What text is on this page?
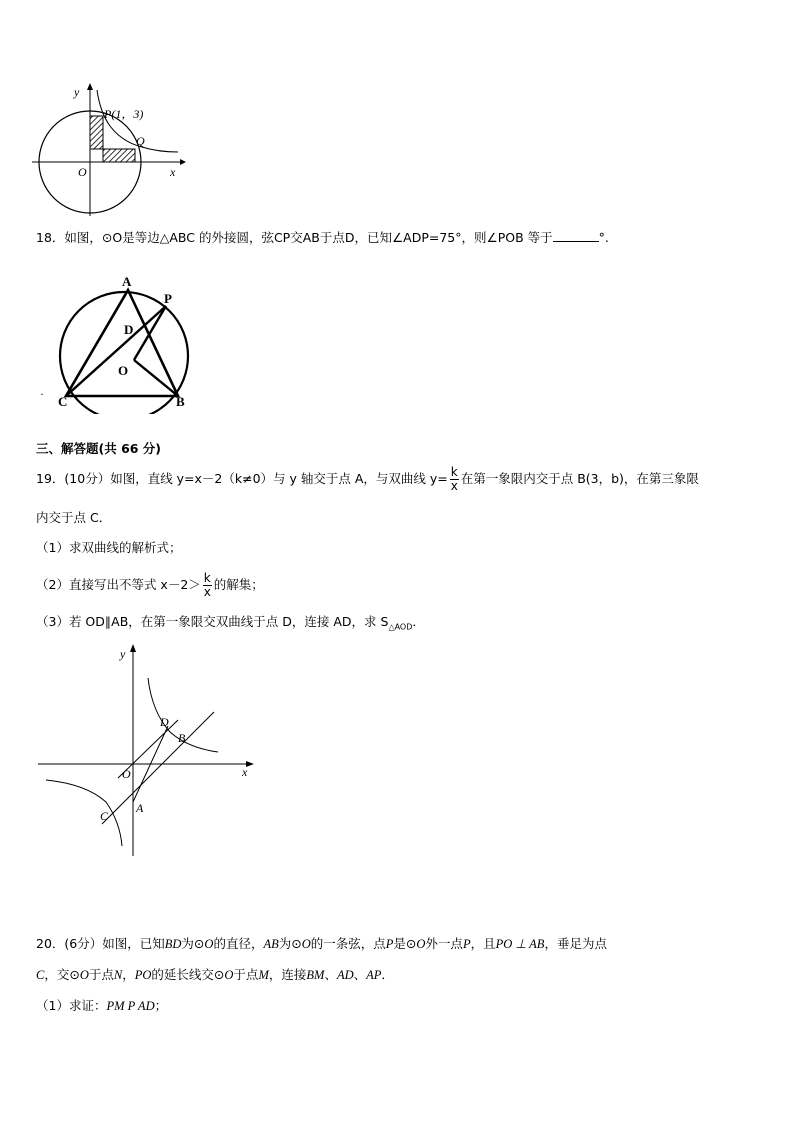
y
P(1，3)
Q
O	x
18．如图，⊙O是等边△ABC 的外接圆，弦CP交AB于点D，已知∠ADP=75°，则∠POB 等于	°.
A
P
D
O
C	B
·
三、解答题(共 66 分)
19．(10分）如图，直线 y=x－2（k≠0）与 y 轴交于点 A，与双曲线 $y= \frac{k}{x}$ 在第一象限内交于点 B(3，b)，在第三象限
内交于点 C．
（1）求双曲线的解析式；
（2）直接写出不等式 $x-2> \frac{k}{x}$ 的解集；
（3）若 OD∥AB，在第一象限交双曲线于点 D，连接 AD，求 $S_{\triangle AOD}$．
y
x
O
D
B
A
C
20．(6分）如图，已知BD为⊙O的直径，AB为⊙O的一条弦，点P是⊙O外一点P，且PO ⊥ AB，垂足为点
C，交⊙O于点N，PO的延长线交⊙O于点M，连接BM、AD、AP．
（1）求证：PM P AD；
